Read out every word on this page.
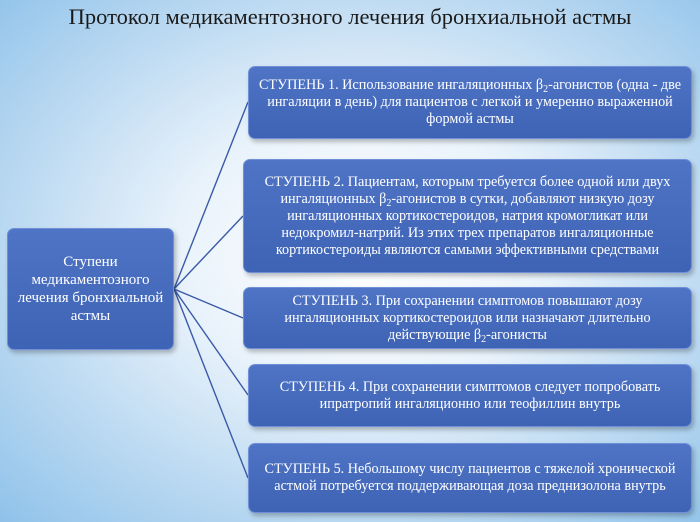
Протокол медикаментозного лечения бронхиальной астмы
Ступени медикаментозного лечения бронхиальной астмы
СТУПЕНЬ 1. Использование ингаляционных $\beta_2$-агонистов (одна - две ингаляции в день) для пациентов с легкой и умеренно выраженной формой астмы
СТУПЕНЬ 2. Пациентам, которым требуется более одной или двух ингаляционных $\beta_2$-агонистов в сутки, добавляют низкую дозу ингаляционных кортикостероидов, натрия кромогликат или недокромил-натрий. Из этих трех препаратов ингаляционные кортикостероиды являются самыми эффективными средствами
СТУПЕНЬ 3. При сохранении симптомов повышают дозу ингаляционных кортикостероидов или назначают длительно действующие $\beta_2$-агонисты
СТУПЕНЬ 4. При сохранении симптомов следует попробовать ипратропий ингаляционно или теофиллин внутрь
СТУПЕНЬ 5. Небольшому числу пациентов с тяжелой хронической астмой потребуется поддерживающая доза преднизолона внутрь
